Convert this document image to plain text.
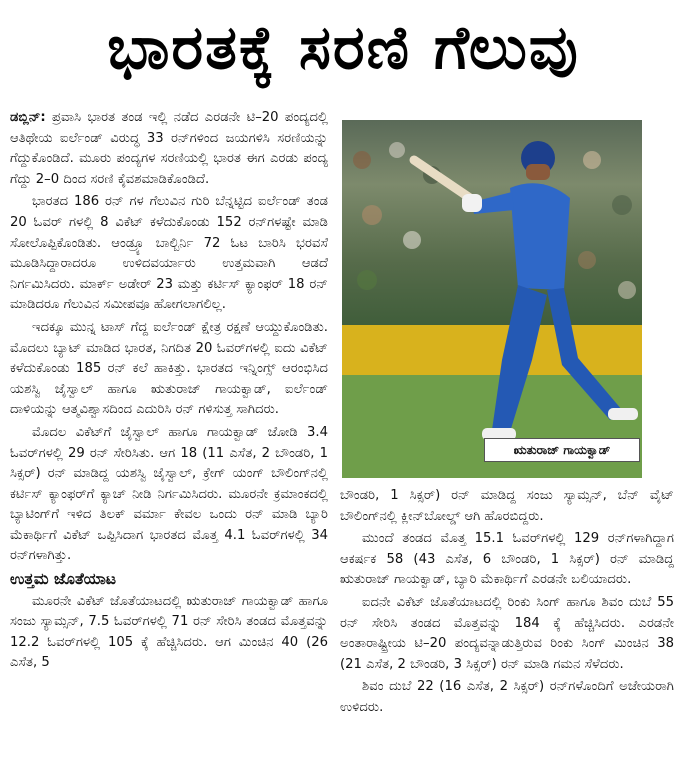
ಭಾರತಕ್ಕೆ ಸರಣಿ ಗೆಲುವು

ಡಬ್ಲಿನ್: ಪ್ರವಾಸಿ ಭಾರತ ತಂಡ ಇಲ್ಲಿ ನಡೆದ ಎರಡನೇ ಟಿ–20 ಪಂದ್ಯದಲ್ಲಿ ಆತಿಥೇಯ ಐರ್ಲೆಂಡ್ ವಿರುದ್ಧ 33 ರನ್‌ಗಳಿಂದ ಜಯಗಳಿಸಿ ಸರಣಿಯನ್ನು ಗೆದ್ದುಕೊಂಡಿದೆ. ಮೂರು ಪಂದ್ಯಗಳ ಸರಣಿಯಲ್ಲಿ ಭಾರತ ಈಗ ಎರಡು ಪಂದ್ಯ ಗೆದ್ದು 2–0 ದಿಂದ ಸರಣಿ ಕೈವಶಮಾಡಿಕೊಂಡಿದೆ.

ಭಾರತದ 186 ರನ್ ಗಳ ಗೆಲುವಿನ ಗುರಿ ಬೆನ್ನಟ್ಟಿದ ಐರ್ಲೆಂಡ್ ತಂಡ 20 ಓವರ್ ಗಳಲ್ಲಿ 8 ವಿಕೆಟ್ ಕಳೆದುಕೊಂಡು 152 ರನ್‌ಗಳಷ್ಟೇ ಮಾಡಿ ಸೋಲೊಪ್ಪಿಕೊಂಡಿತು. ಆಂಡ್ರ್ಯೂ ಬಾಲ್ಬಿರ್ನಿ 72 ಓಟ ಬಾರಿಸಿ ಭರವಸೆ ಮೂಡಿಸಿದ್ದಾರಾದರೂ ಉಳಿದವರ್ಯಾರು ಉತ್ತಮವಾಗಿ ಆಡದೆ ನಿರ್ಗಮಿಸಿದರು. ಮಾರ್ಕ್ ಅಡೇರ್ 23 ಮತ್ತು ಕರ್ಟಿಸ್ ಕ್ಯಾಂಫರ್ 18 ರನ್ ಮಾಡಿದರೂ ಗೆಲುವಿನ ಸಮೀಪವೂ ಹೋಗಲಾಗಲಿಲ್ಲ.

ಇದಕ್ಕೂ ಮುನ್ನ ಟಾಸ್ ಗೆದ್ದ ಐರ್ಲೆಂಡ್ ಕ್ಷೇತ್ರ ರಕ್ಷಣೆ ಆಯ್ದುಕೊಂಡಿತು. ಮೊದಲು ಬ್ಯಾಟ್ ಮಾಡಿದ ಭಾರತ, ನಿಗದಿತ 20 ಓವರ್‌ಗಳಲ್ಲಿ ಐದು ವಿಕೆಟ್ ಕಳೆದುಕೊಂಡು 185 ರನ್ ಕಲೆ ಹಾಕಿತ್ತು. ಭಾರತದ ಇನ್ನಿಂಗ್ಸ್ ಆರಂಭಿಸಿದ ಯಶಸ್ವಿ ಜೈಸ್ವಾಲ್ ಹಾಗೂ ಋತುರಾಜ್ ಗಾಯಕ್ವಾಡ್, ಐರ್ಲೆಂಡ್ ದಾಳಿಯನ್ನು ಆತ್ಮವಿಶ್ವಾಸದಿಂದ ಎದುರಿಸಿ ರನ್ ಗಳಿಸುತ್ತ ಸಾಗಿದರು.

ಮೊದಲ ವಿಕೆಟ್‌ಗೆ ಜೈಸ್ವಾಲ್ ಹಾಗೂ ಗಾಯಕ್ವಾಡ್ ಜೋಡಿ 3.4 ಓವರ್‌ಗಳಲ್ಲಿ 29 ರನ್ ಸೇರಿಸಿತು. ಆಗ 18 (11 ಎಸೆತ, 2 ಬೌಂಡರಿ, 1 ಸಿಕ್ಸರ್) ರನ್ ಮಾಡಿದ್ದ ಯಶಸ್ವಿ ಜೈಸ್ವಾಲ್, ಕ್ರೇಗ್ ಯಂಗ್ ಬೌಲಿಂಗ್‌ನಲ್ಲಿ ಕರ್ಟಿಸ್ ಕ್ಯಾಂಫರ್‌ಗೆ ಕ್ಯಾಚ್ ನೀಡಿ ನಿರ್ಗಮಿಸಿದರು. ಮೂರನೇ ಕ್ರಮಾಂಕದಲ್ಲಿ ಬ್ಯಾಟಿಂಗ್‌ಗೆ ಇಳಿದ ತಿಲಕ್ ವರ್ಮಾ ಕೇವಲ ಒಂದು ರನ್ ಮಾಡಿ ಬ್ಯಾರಿ ಮೆಕಾರ್ಥಿಗೆ ವಿಕೆಟ್ ಒಪ್ಪಿಸಿದಾಗ ಭಾರತದ ಮೊತ್ತ 4.1 ಓವರ್‌ಗಳಲ್ಲಿ 34 ರನ್‌ಗಳಾಗಿತ್ತು.

ಉತ್ತಮ ಜೊತೆಯಾಟ

ಮೂರನೇ ವಿಕೆಟ್ ಜೊತೆಯಾಟದಲ್ಲಿ ಋತುರಾಜ್ ಗಾಯಕ್ವಾಡ್ ಹಾಗೂ ಸಂಜು ಸ್ಯಾಮ್ಸನ್, 7.5 ಓವರ್‌ಗಳಲ್ಲಿ 71 ರನ್ ಸೇರಿಸಿ ತಂಡದ ಮೊತ್ತವನ್ನು 12.2 ಓವರ್‌ಗಳಲ್ಲಿ 105 ಕ್ಕೆ ಹೆಚ್ಚಿಸಿದರು. ಆಗ ಮಿಂಚಿನ 40 (26 ಎಸೆತ, 5

ಋತುರಾಜ್ ಗಾಯಕ್ವಾಡ್

ಬೌಂಡರಿ, 1 ಸಿಕ್ಸರ್) ರನ್ ಮಾಡಿದ್ದ ಸಂಜು ಸ್ಯಾಮ್ಸನ್, ಬೆನ್ ವೈಟ್ ಬೌಲಿಂಗ್‌ನಲ್ಲಿ ಕ್ಲೀನ್‌ಬೋಲ್ಡ್ ಆಗಿ ಹೊರಬಿದ್ದರು.

ಮುಂದೆ ತಂಡದ ಮೊತ್ತ 15.1 ಓವರ್‌ಗಳಲ್ಲಿ 129 ರನ್‌ಗಳಾಗಿದ್ದಾಗ ಆಕರ್ಷಕ 58 (43 ಎಸೆತ, 6 ಬೌಂಡರಿ, 1 ಸಿಕ್ಸರ್) ರನ್ ಮಾಡಿದ್ದ ಋತುರಾಜ್ ಗಾಯಕ್ವಾಡ್, ಬ್ಯಾರಿ ಮೆಕಾರ್ಥಿಗೆ ಎರಡನೇ ಬಲಿಯಾದರು.

ಐದನೇ ವಿಕೆಟ್ ಜೊತೆಯಾಟದಲ್ಲಿ ರಿಂಕು ಸಿಂಗ್ ಹಾಗೂ ಶಿವಂ ದುಬೆ 55 ರನ್ ಸೇರಿಸಿ ತಂಡದ ಮೊತ್ತವನ್ನು 184 ಕ್ಕೆ ಹೆಚ್ಚಿಸಿದರು. ಎರಡನೇ ಅಂತಾರಾಷ್ಟ್ರೀಯ ಟಿ–20 ಪಂದ್ಯವನ್ನಾಡುತ್ತಿರುವ ರಿಂಕು ಸಿಂಗ್ ಮಿಂಚಿನ 38 (21 ಎಸೆತ, 2 ಬೌಂಡರಿ, 3 ಸಿಕ್ಸರ್) ರನ್ ಮಾಡಿ ಗಮನ ಸೆಳೆದರು.

ಶಿವಂ ದುಬೆ 22 (16 ಎಸೆತ, 2 ಸಿಕ್ಸರ್) ರನ್‌ಗಳೊಂದಿಗೆ ಅಜೇಯರಾಗಿ ಉಳಿದರು.
